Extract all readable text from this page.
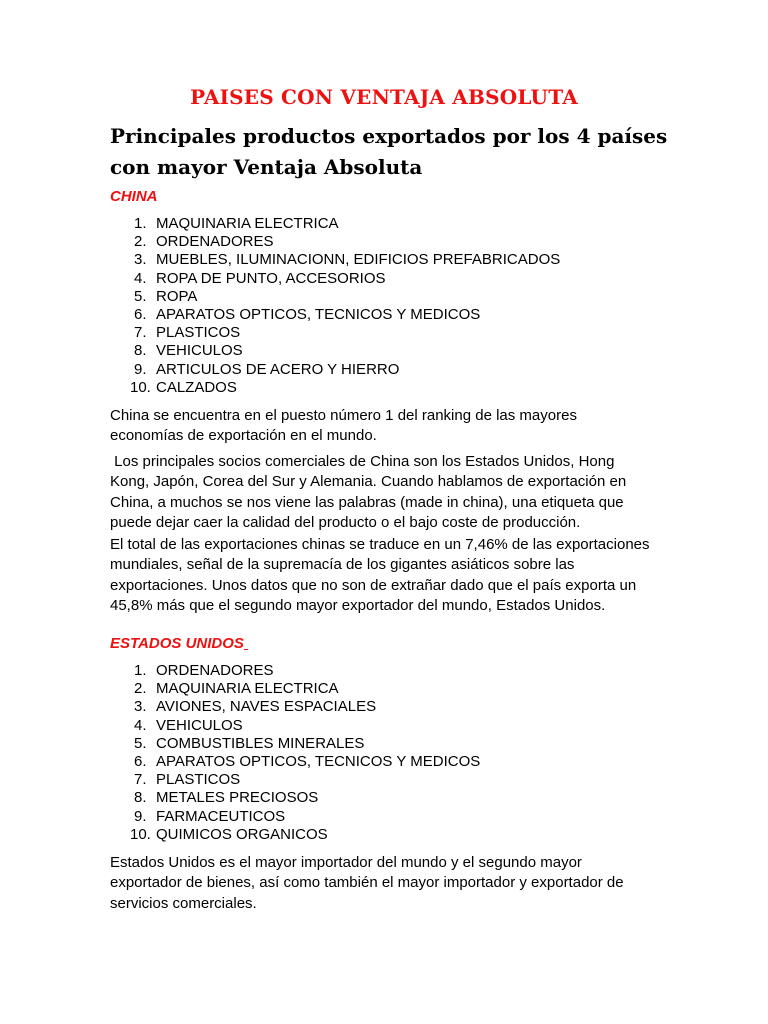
PAISES CON VENTAJA ABSOLUTA
Principales productos exportados por los 4 países con mayor Ventaja Absoluta
CHINA
1. MAQUINARIA ELECTRICA
2. ORDENADORES
3. MUEBLES, ILUMINACIONN, EDIFICIOS PREFABRICADOS
4. ROPA DE PUNTO, ACCESORIOS
5. ROPA
6. APARATOS OPTICOS, TECNICOS Y MEDICOS
7. PLASTICOS
8. VEHICULOS
9. ARTICULOS DE ACERO Y HIERRO
10. CALZADOS

China se encuentra en el puesto número 1 del ranking de las mayores economías de exportación en el mundo.

Los principales socios comerciales de China son los Estados Unidos, Hong Kong, Japón, Corea del Sur y Alemania. Cuando hablamos de exportación en China, a muchos se nos viene las palabras (made in china), una etiqueta que puede dejar caer la calidad del producto o el bajo coste de producción.

El total de las exportaciones chinas se traduce en un 7,46% de las exportaciones mundiales, señal de la supremacía de los gigantes asiáticos sobre las exportaciones. Unos datos que no son de extrañar dado que el país exporta un 45,8% más que el segundo mayor exportador del mundo, Estados Unidos.

ESTADOS UNIDOS
1. ORDENADORES
2. MAQUINARIA ELECTRICA
3. AVIONES, NAVES ESPACIALES
4. VEHICULOS
5. COMBUSTIBLES MINERALES
6. APARATOS OPTICOS, TECNICOS Y MEDICOS
7. PLASTICOS
8. METALES PRECIOSOS
9. FARMACEUTICOS
10. QUIMICOS ORGANICOS

Estados Unidos es el mayor importador del mundo y el segundo mayor exportador de bienes, así como también el mayor importador y exportador de servicios comerciales.
